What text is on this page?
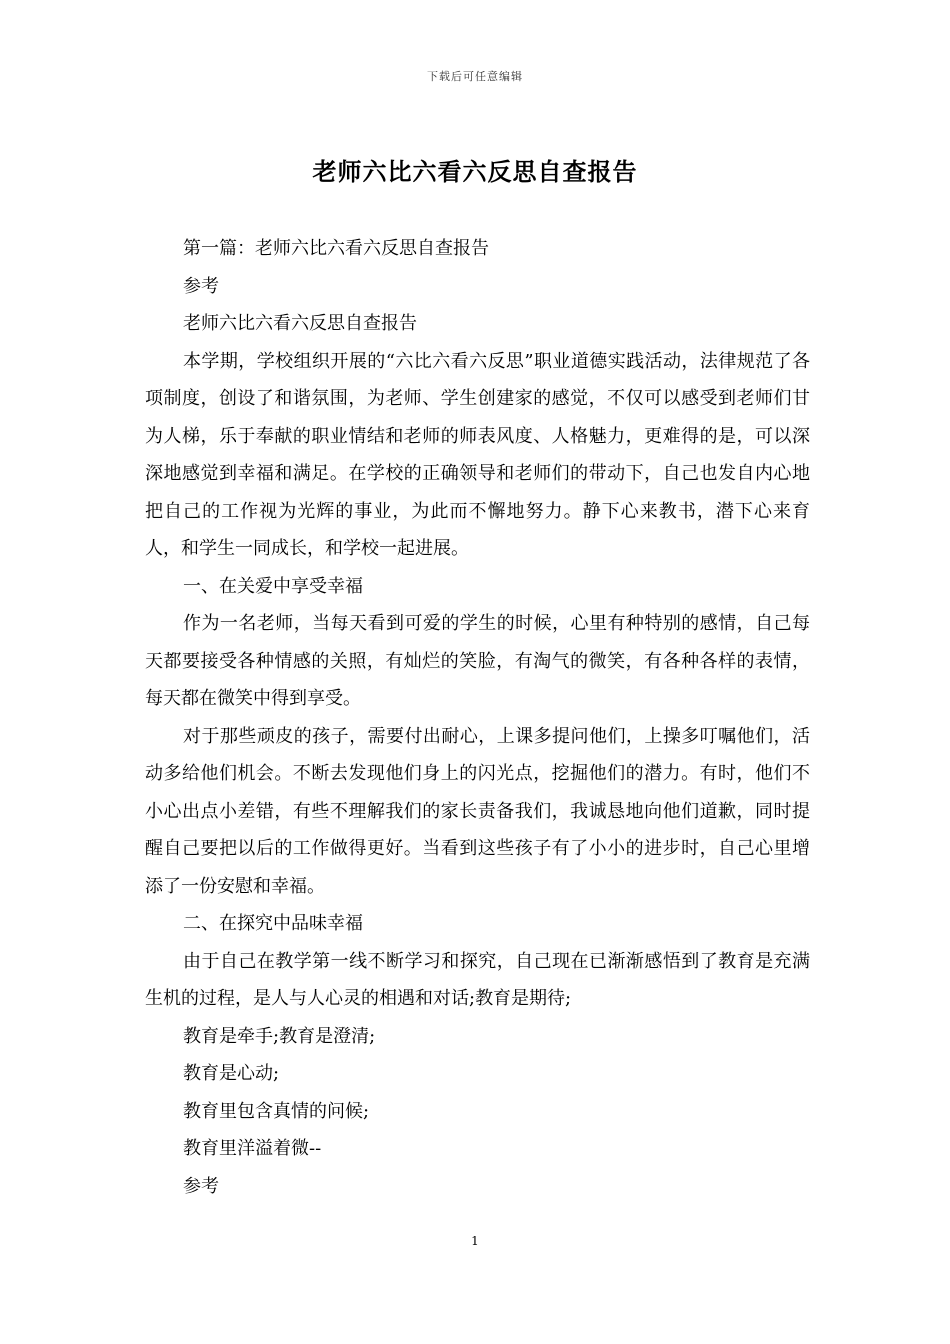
下载后可任意编辑
老师六比六看六反思自查报告

第一篇：老师六比六看六反思自查报告

参考

老师六比六看六反思自查报告

本学期，学校组织开展的“六比六看六反思”职业道德实践活动，法律规范了各项制度，创设了和谐氛围，为老师、学生创建家的感觉，不仅可以感受到老师们甘为人梯，乐于奉献的职业情结和老师的师表风度、人格魅力，更难得的是，可以深深地感觉到幸福和满足。在学校的正确领导和老师们的带动下，自己也发自内心地把自己的工作视为光辉的事业，为此而不懈地努力。静下心来教书，潜下心来育人，和学生一同成长，和学校一起进展。

一、在关爱中享受幸福

作为一名老师，当每天看到可爱的学生的时候，心里有种特别的感情，自己每天都要接受各种情感的关照，有灿烂的笑脸，有淘气的微笑，有各种各样的表情，每天都在微笑中得到享受。

对于那些顽皮的孩子，需要付出耐心，上课多提问他们，上操多叮嘱他们，活动多给他们机会。不断去发现他们身上的闪光点，挖掘他们的潜力。有时，他们不小心出点小差错，有些不理解我们的家长责备我们，我诚恳地向他们道歉，同时提醒自己要把以后的工作做得更好。当看到这些孩子有了小小的进步时，自己心里增添了一份安慰和幸福。

二、在探究中品味幸福

由于自己在教学第一线不断学习和探究，自己现在已渐渐感悟到了教育是充满生机的过程，是人与人心灵的相遇和对话;教育是期待;

教育是牵手;教育是澄清;

教育是心动;

教育里包含真情的问候;

教育里洋溢着微--

参考

1
